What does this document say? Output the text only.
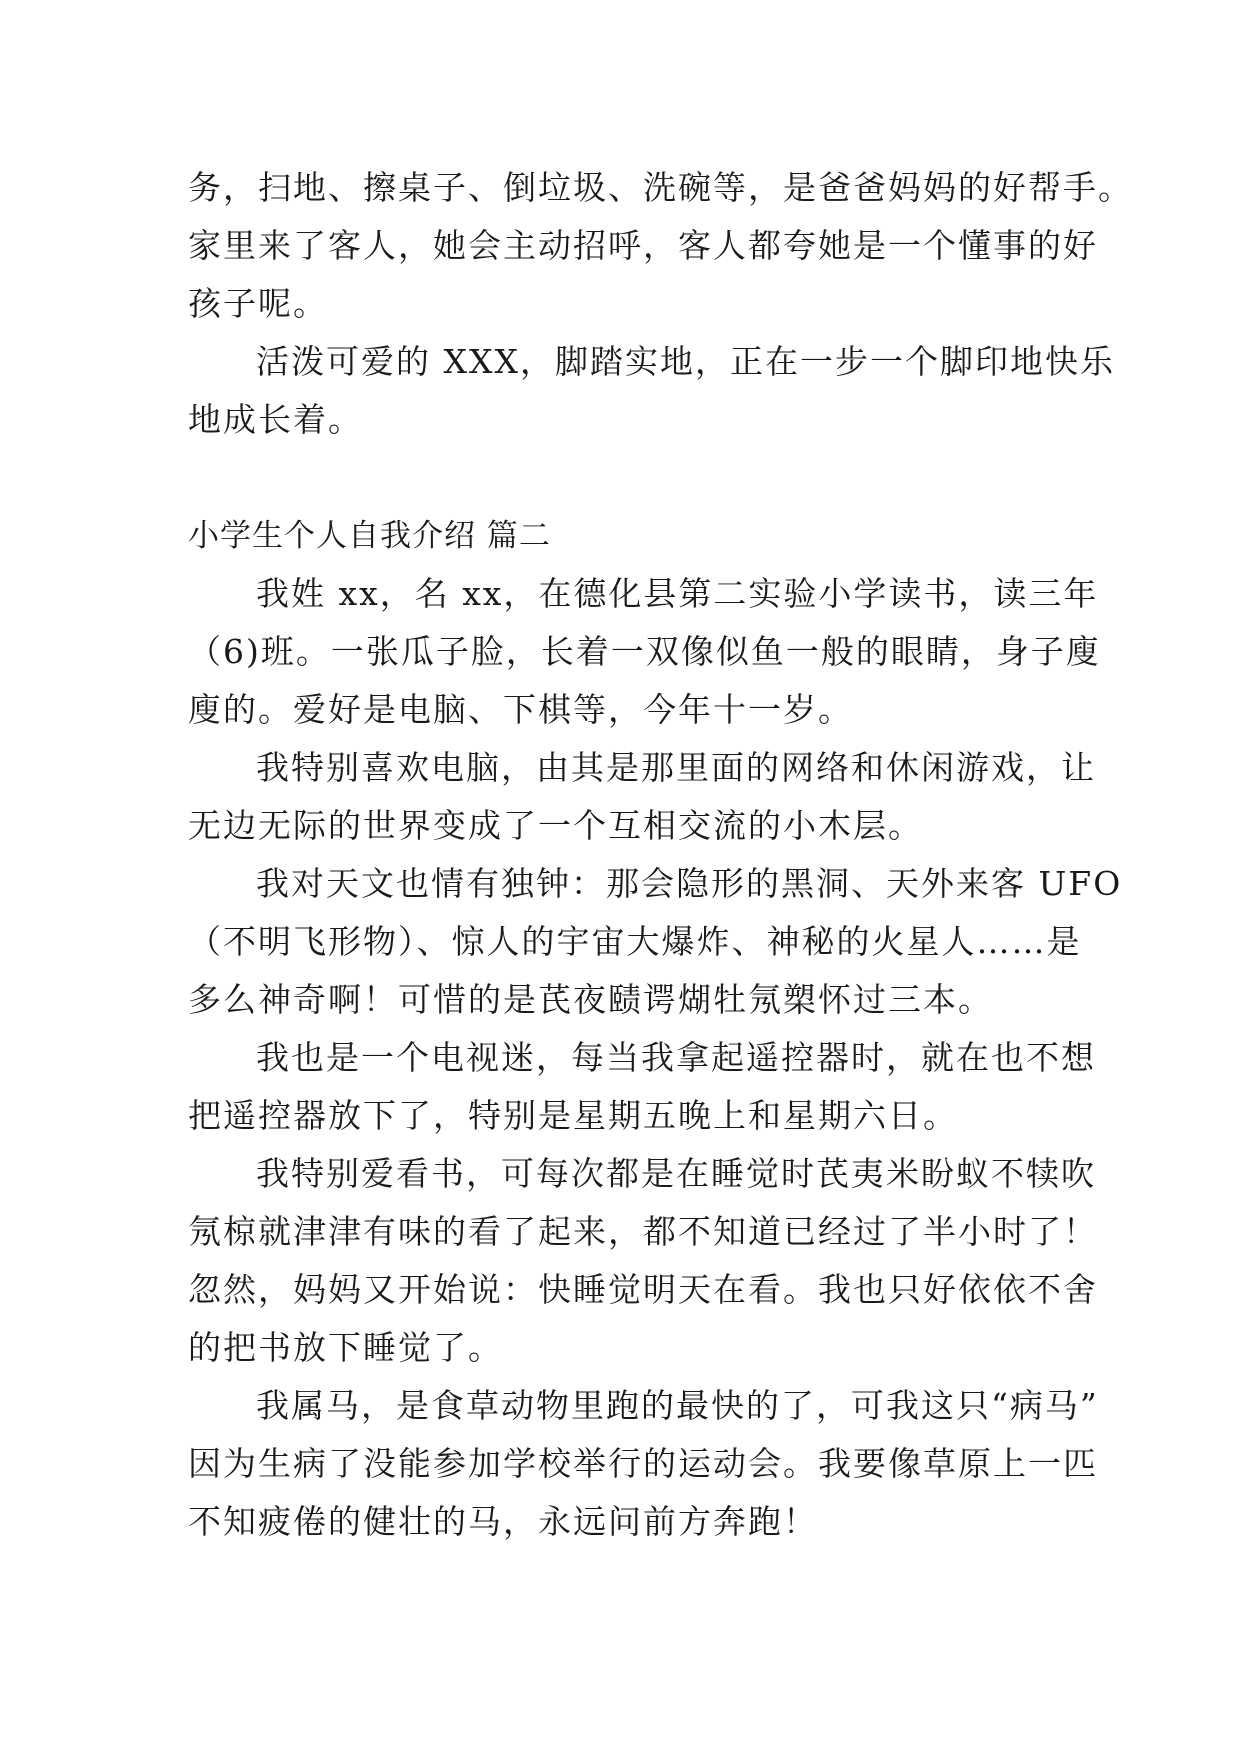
务，扫地、擦桌子、倒垃圾、洗碗等，是爸爸妈妈的好帮手。
家里来了客人，她会主动招呼，客人都夸她是一个懂事的好
孩子呢。
活泼可爱的 XXX，脚踏实地，正在一步一个脚印地快乐
地成长着。
小学生个人自我介绍 篇二
我姓 xx，名 xx，在德化县第二实验小学读书，读三年
（6)班。一张瓜子脸，长着一双像似鱼一般的眼睛，身子廋
廋的。爱好是电脑、下棋等，今年十一岁。
我特别喜欢电脑，由其是那里面的网络和休闲游戏，让
无边无际的世界变成了一个互相交流的小木层。
我对天文也情有独钟：那会隐形的黑洞、天外来客 UFO
（不明飞形物）、惊人的宇宙大爆炸、神秘的火星人……是
多么神奇啊！可惜的是芪夜赜谔煳牡氖槊怀过三本。
我也是一个电视迷，每当我拿起遥控器时，就在也不想
把遥控器放下了，特别是星期五晚上和星期六日。
我特别爱看书，可每次都是在睡觉时芪夷米盼蚁不犊吹
氖椋就津津有味的看了起来，都不知道已经过了半小时了！
忽然，妈妈又开始说：快睡觉明天在看。我也只好依依不舍
的把书放下睡觉了。
我属马，是食草动物里跑的最快的了，可我这只“病马”
因为生病了没能参加学校举行的运动会。我要像草原上一匹
不知疲倦的健壮的马，永远问前方奔跑！
